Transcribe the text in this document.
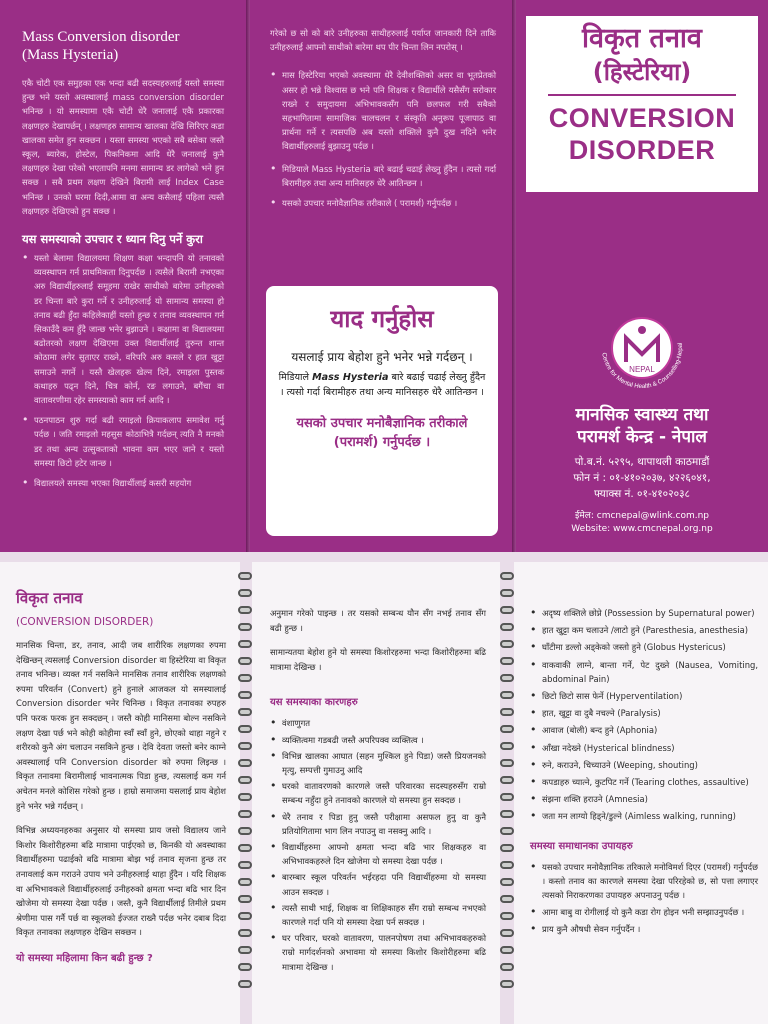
Mass Conversion disorder
(Mass Hysteria)

एकै चोटी एक समुहका एक भन्दा बढी सदस्यहरुलाई यस्तो समस्या हुन्छ भने यस्तो अवस्थालाई mass conversion disorder भनिन्छ । यो समस्यामा एकै चोटी धेरै जनालाई एकै प्रकारका लक्षणहरु देखापर्छन् । लक्षणहरु सामान्य खालका देखि सिरिएर कडा खालका समेत हुन सक्छन । यस्ता समस्या भएको सबै बसेका जस्तै स्कूल, ब्यारेक, होस्टेल, पिकनिकमा आदि धेरै जनालाई कुनै लक्षणहरु देखा परेको भएतापनि मनमा सामान्य डर लागेको भने हुन सक्छ । सबै प्रथम लक्षण देखिने बिरामी लाई Index Case भनिन्छ । उनको घरमा दिदी,आमा वा अन्य कसैलाई पहिला त्यस्तै लक्षणहरु देखिएको हुन सक्छ ।

यस समस्याको उपचार र ध्यान दिनु पर्ने कुरा
• यस्तो बेलामा विद्यालयमा शिक्षण कक्षा भन्दापनि यो तनावको व्यवस्थापन गर्न प्राथमिकता दिनुपर्दछ । त्यसैले बिरामी नभएका अरु विद्यार्थीहरुलाई समूहमा राखेर साथीको बारेमा उनीहरुको डर चिन्ता बारे कुरा गर्ने र उनीहरुलाई यो सामान्य समस्या हो तनाव बढी हुँदा कहिलेकाहीं यस्तो हुन्छ र तनाव व्यवस्थापन गर्न सिकाउँदै कम हुँदै जान्छ भनेर बुझाउने । कक्षामा वा विद्यालयमा बढोतरको लक्षण देखिएमा उक्त विद्यार्थीलाई तुरुन्त शान्त कोठामा लगेर सुताएर राख्ने, वरिपरि अरु कसले र हात खुट्टा समाउने नगर्ने । यस्तै खेलहरू खेल्न दिने, रमाइला पुस्तक कथाहरु पढ्न दिने, चित्र कोर्न, रङ लगाउने, बगैंचा वा वातावरणीमा रहेर समस्याको काम गर्न आदि ।
• पठनपाठन शुरु गर्दा बढी रमाइलो क्रियाकलाप समावेश गर्नु पर्दछ । जति रमाइलो महसुस कोठाभित्रै गर्दछन् त्यति नै मनको डर तथा अन्य उत्सुकताको भावना कम भएर जाने र यस्तो समस्या छिटो हटेर जान्छ ।
• विद्यालयले समस्या भएका विद्यार्थीलाई कसरी सहयोग

गरेको छ सो को बारे उनीहरुका साथीहरुलाई पर्याप्त जानकारी दिने ताकि उनीहरुलाई आफ्नो साथीको बारेमा थप पीर चिन्ता लिन नपरोस् ।

• मास हिस्टेरिया भएको अवस्थामा धेरै देवीशक्तिको असर वा भूतप्रेतको असर हो भन्ने विश्वास छ भने पनि शिक्षक र विद्यार्थीले यसैसँग सरोकार राख्ने र समुदायमा अभिभावकसँग पनि छलफल गरी सबैको सहभागितामा सामाजिक चालचलन र संस्कृति अनुरूप पूजापाठ वा प्रार्थना गर्ने र त्यसपछि अब यस्तो शक्तिले कुनै दुख नदिने भनेर विद्यार्थीहरुलाई बुझाउनु पर्दछ ।
• मिडियाले Mass Hysteria बारे बढाई चढाई लेख्नु हुँदैन । त्यसो गर्दा बिरामीहरु तथा अन्य मानिसहरु धेरै आतिन्छन ।
• यसको उपचार मनोवैज्ञानिक तरीकाले ( परामर्श) गर्नुपर्दछ ।
याद गर्नुहोस
यसलाई प्राय बेहोश हुने भनेर भन्ने गर्दछन् ।
मिडियाले Mass Hysteria बारे बढाई चढाई लेख्नु हुँदैन । त्यसो गर्दा बिरामीहरु तथा अन्य मानिसहरु धेरै आतिन्छन ।
यसको उपचार मनोबैज्ञानिक तरीकाले (परामर्श) गर्नुपर्दछ ।
विकृत तनाव
(हिस्टेरिया)
CONVERSION
DISORDER
NEPAL
Centre for Mental Health & Counselling-Nepal
मानसिक स्वास्थ्य तथा
परामर्श केन्द्र - नेपाल
पो.ब.नं. ५२९५, थापाथली काठमाडौं
फोन नं : ०१-४१०२०३७, ४२२६०४१,
फ्याक्स नं. ०१-४१०२०३८
ईमेल: cmcnepal@wlink.com.np
Website: www.cmcnepal.org.np
विकृत तनाव
(CONVERSION DISORDER)

मानसिक चिन्ता, डर, तनाव, आदी जब शारीरिक लक्षणका रुपमा देखिन्छन् त्यसलाई Conversion disorder वा हिस्टेरिया वा विकृत तनाव भनिन्छ। व्यक्त गर्न नसकिने मानसिक तनाव शारीरिक लक्षणको रुपमा परिवर्तन (Convert) हुने हुनाले आजकल यो समस्यालाई Conversion disorder भनेर चिनिन्छ । विकृत तनावका रुपहरु पनि फरक फरक हुन सक्दछन् । जस्तै कोही मानिसमा बोल्न नसकिने लक्षण देखा पर्छ भने कोही कोहीमा स्वाँ स्वाँ हुने, छोएको थाहा नहुने र शरीरको कुनै अंग चलाउन नसकिने हुन्छ । देवि देवता जस्तो बनेर काम्ने अवस्थालाई पनि Conversion disorder को रुपमा लिइन्छ । विकृत तनावमा बिरामीलाई भावनात्मक पिडा हुन्छ, त्यसलाई कम गर्न अचेतन मनले कोशिस गरेको हुन्छ । हाम्रो समाजमा यसलाई प्राय बेहोश हुने भनेर भन्ने गर्दछन् ।

विभिन्न अध्ययनहरुका अनुसार यो समस्या प्राय जसो विद्यालय जाने किशोर किशोरीहरुमा बढि मात्रामा पाईएको छ, किनकी यो अवस्थाका विद्यार्थीहरुमा पढाईको बढि मात्रामा बोझ भई तनाव सृजना हुन्छ तर तनावलाई कम गराउने उपाय भने उनीहरुलाई थाहा हुँदैन । यदि शिक्षक वा अभिभावकले विद्यार्थीहरुलाई उनीहरुको क्षमता भन्दा बढि भार दिन खोजेमा यो समस्या देखा पर्दछ । जस्तै, कुनै विद्यार्थीलाई तिमीले प्रथम श्रेणीमा पास गर्नै पर्छ वा स्कूलको ईज्जत राख्नै पर्दछ भनेर दबाब दिदा विकृत तनावका लक्षणहरु देखिन सक्छन ।

यो समस्या महिलामा किन बढी हुन्छ ?

अनुमान गरेको पाइन्छ । तर यसको सम्बन्ध यौन सँग नभई तनाव सँग बढी हुन्छ ।

सामान्यतया बेहोश हुने यो समस्या किशोरहरुमा भन्दा किशोरीहरुमा बढि मात्रामा देखिन्छ ।

यस समस्याका कारणहरु
• वंशाणुगत
• व्यक्तित्वमा गडबढी जस्तै अपरिपक्व व्यक्तित्व ।
• विभिन्न खालका आघात (सहन मुश्किल हुने पिडा) जस्तै प्रियजनको मृत्यु, सम्पत्ती गुमाउनु आदि
• घरको वातावरणको कारणले जस्तै परिवारका सदस्यहरुसँग राम्रो सम्बन्ध नहुँदा हुने तनावको कारणले यो समस्या हुन सक्दछ ।
• धेरै तनाव र पिडा हुनु जस्तै परीक्षामा असफल हुनु वा कुनै प्रतियोगितामा भाग लिन नपाउनु वा नसक्नु आदि ।
• विद्यार्थीहरुमा आफ्नो क्षमता भन्दा बढि भार शिक्षकहरु वा अभिभावकहरुले दिन खोजेमा यो समस्या देखा पर्दछ ।
• बारम्बार स्कूल परिवर्तन भईरहदा पनि विद्यार्थीहरुमा यो समस्या आउन सक्दछ ।
• त्यस्तै साथी भाई, शिक्षक वा शिक्षिकाहरु सँग राम्रो सम्बन्ध नभएको कारणले गर्दा पनि यो समस्या देखा पर्न सक्दछ ।
• घर परिवार, घरको वातावरण, पालनपोषण तथा अभिभावकहरुको राम्रो मार्गदर्शनको अभावमा यो समस्या किशोर किशोरीहरुमा बढि मात्रामा देखिन्छ ।
• अदृष्य शक्तिले छोप्ने (Possession by Supernatural power)
• हात खुट्टा कम चलाउने /लाटो हुने (Paresthesia, anesthesia)
• घाँटीमा डल्लो अड्केको जस्तो हुने (Globus Hystericus)
• वाकवाकी लाग्ने, बान्ता गर्ने, पेट दुख्ने (Nausea, Vomiting, abdominal Pain)
• छिटो छिटो सास फेर्ने (Hyperventilation)
• हात, खुट्टा वा दुबै नचल्ने (Paralysis)
• आवाज (बोली) बन्द हुने (Aphonia)
• आँखा नदेख्ने (Hysterical blindness)
• रुने, कराउने, चिच्याउने (Weeping, shouting)
• कपडाहरु च्यात्ने, कुटपिट गर्ने (Tearing clothes, assaultive)
• संझना शक्ति हराउने (Amnesia)
• जता मन लाग्यो हिड्ने/डुल्ने (Aimless walking, running)
समस्या समाधानका उपायहरु
• यसको उपचार मनोवैज्ञानिक तरिकाले मनोविमर्श दिएर (परामर्श) गर्नुपर्दछ । कस्तो तनाव का कारणले समस्या देखा परिरहेको छ, सो पत्ता लगाएर त्यसको निराकरणका उपायहरु अपनाउनु पर्दछ ।
• आमा बाबु वा रोगीलाई यो कुनै कडा रोग होइन भनी सम्झाउनुपर्दछ ।
• प्राय कुनै औषधी सेवन गर्नुपर्दैन ।
